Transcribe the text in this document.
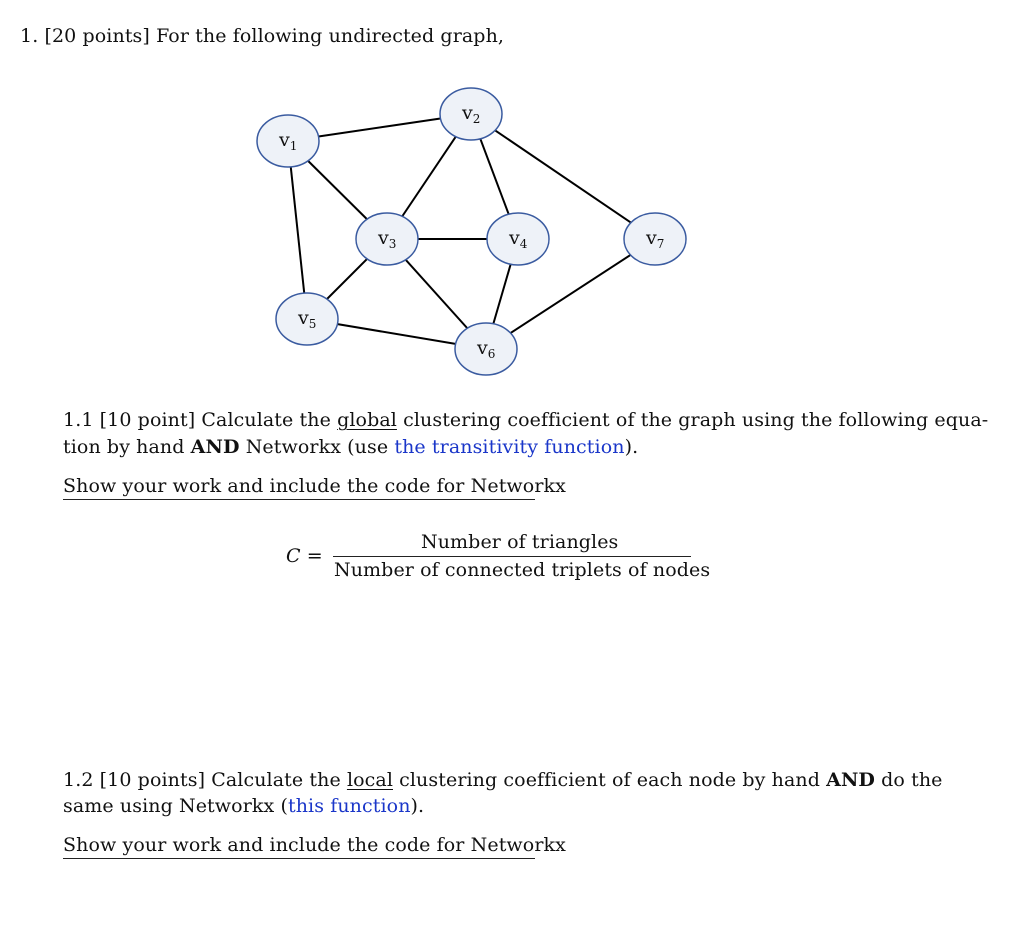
1. [20 points] For the following undirected graph,
$v_1$
$v_2$
$v_3$	$v_4$
$v_5$
$v_6$
$v_7$
1.1 [10 point] Calculate the global clustering coefficient of the graph using the following equa-
tion by hand AND Networkx (use the transitivity function).
Show your work and include the code for Networkx
C =
Number of triangles
Number of connected triplets of nodes
1.2 [10 points] Calculate the local clustering coefficient of each node by hand AND do the
same using Networkx (this function).
Show your work and include the code for Networkx
